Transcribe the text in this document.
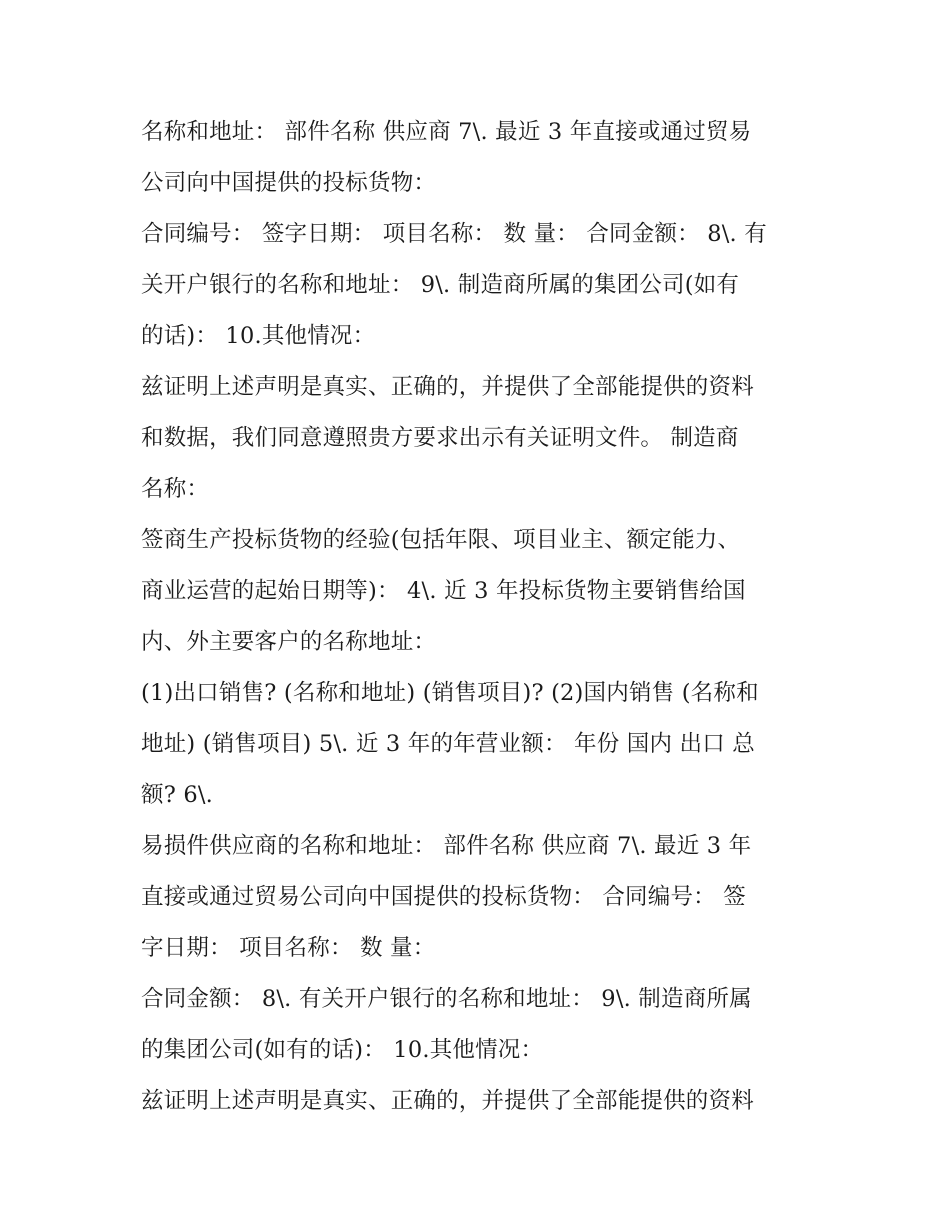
名称和地址： 部件名称 供应商 7\. 最近 3 年直接或通过贸易
公司向中国提供的投标货物：
合同编号： 签字日期： 项目名称： 数 量： 合同金额： 8\. 有
关开户银行的名称和地址： 9\. 制造商所属的集团公司(如有
的话)： 10.其他情况：
兹证明上述声明是真实、正确的，并提供了全部能提供的资料
和数据，我们同意遵照贵方要求出示有关证明文件。 制造商
名称：
签商生产投标货物的经验(包括年限、项目业主、额定能力、
商业运营的起始日期等)： 4\. 近 3 年投标货物主要销售给国
内、外主要客户的名称地址：
(1)出口销售? (名称和地址) (销售项目)? (2)国内销售 (名称和
地址) (销售项目) 5\. 近 3 年的年营业额： 年份 国内 出口 总
额? 6\.
易损件供应商的名称和地址： 部件名称 供应商 7\. 最近 3 年
直接或通过贸易公司向中国提供的投标货物： 合同编号： 签
字日期： 项目名称： 数 量：
合同金额： 8\. 有关开户银行的名称和地址： 9\. 制造商所属
的集团公司(如有的话)： 10.其他情况：
兹证明上述声明是真实、正确的，并提供了全部能提供的资料
